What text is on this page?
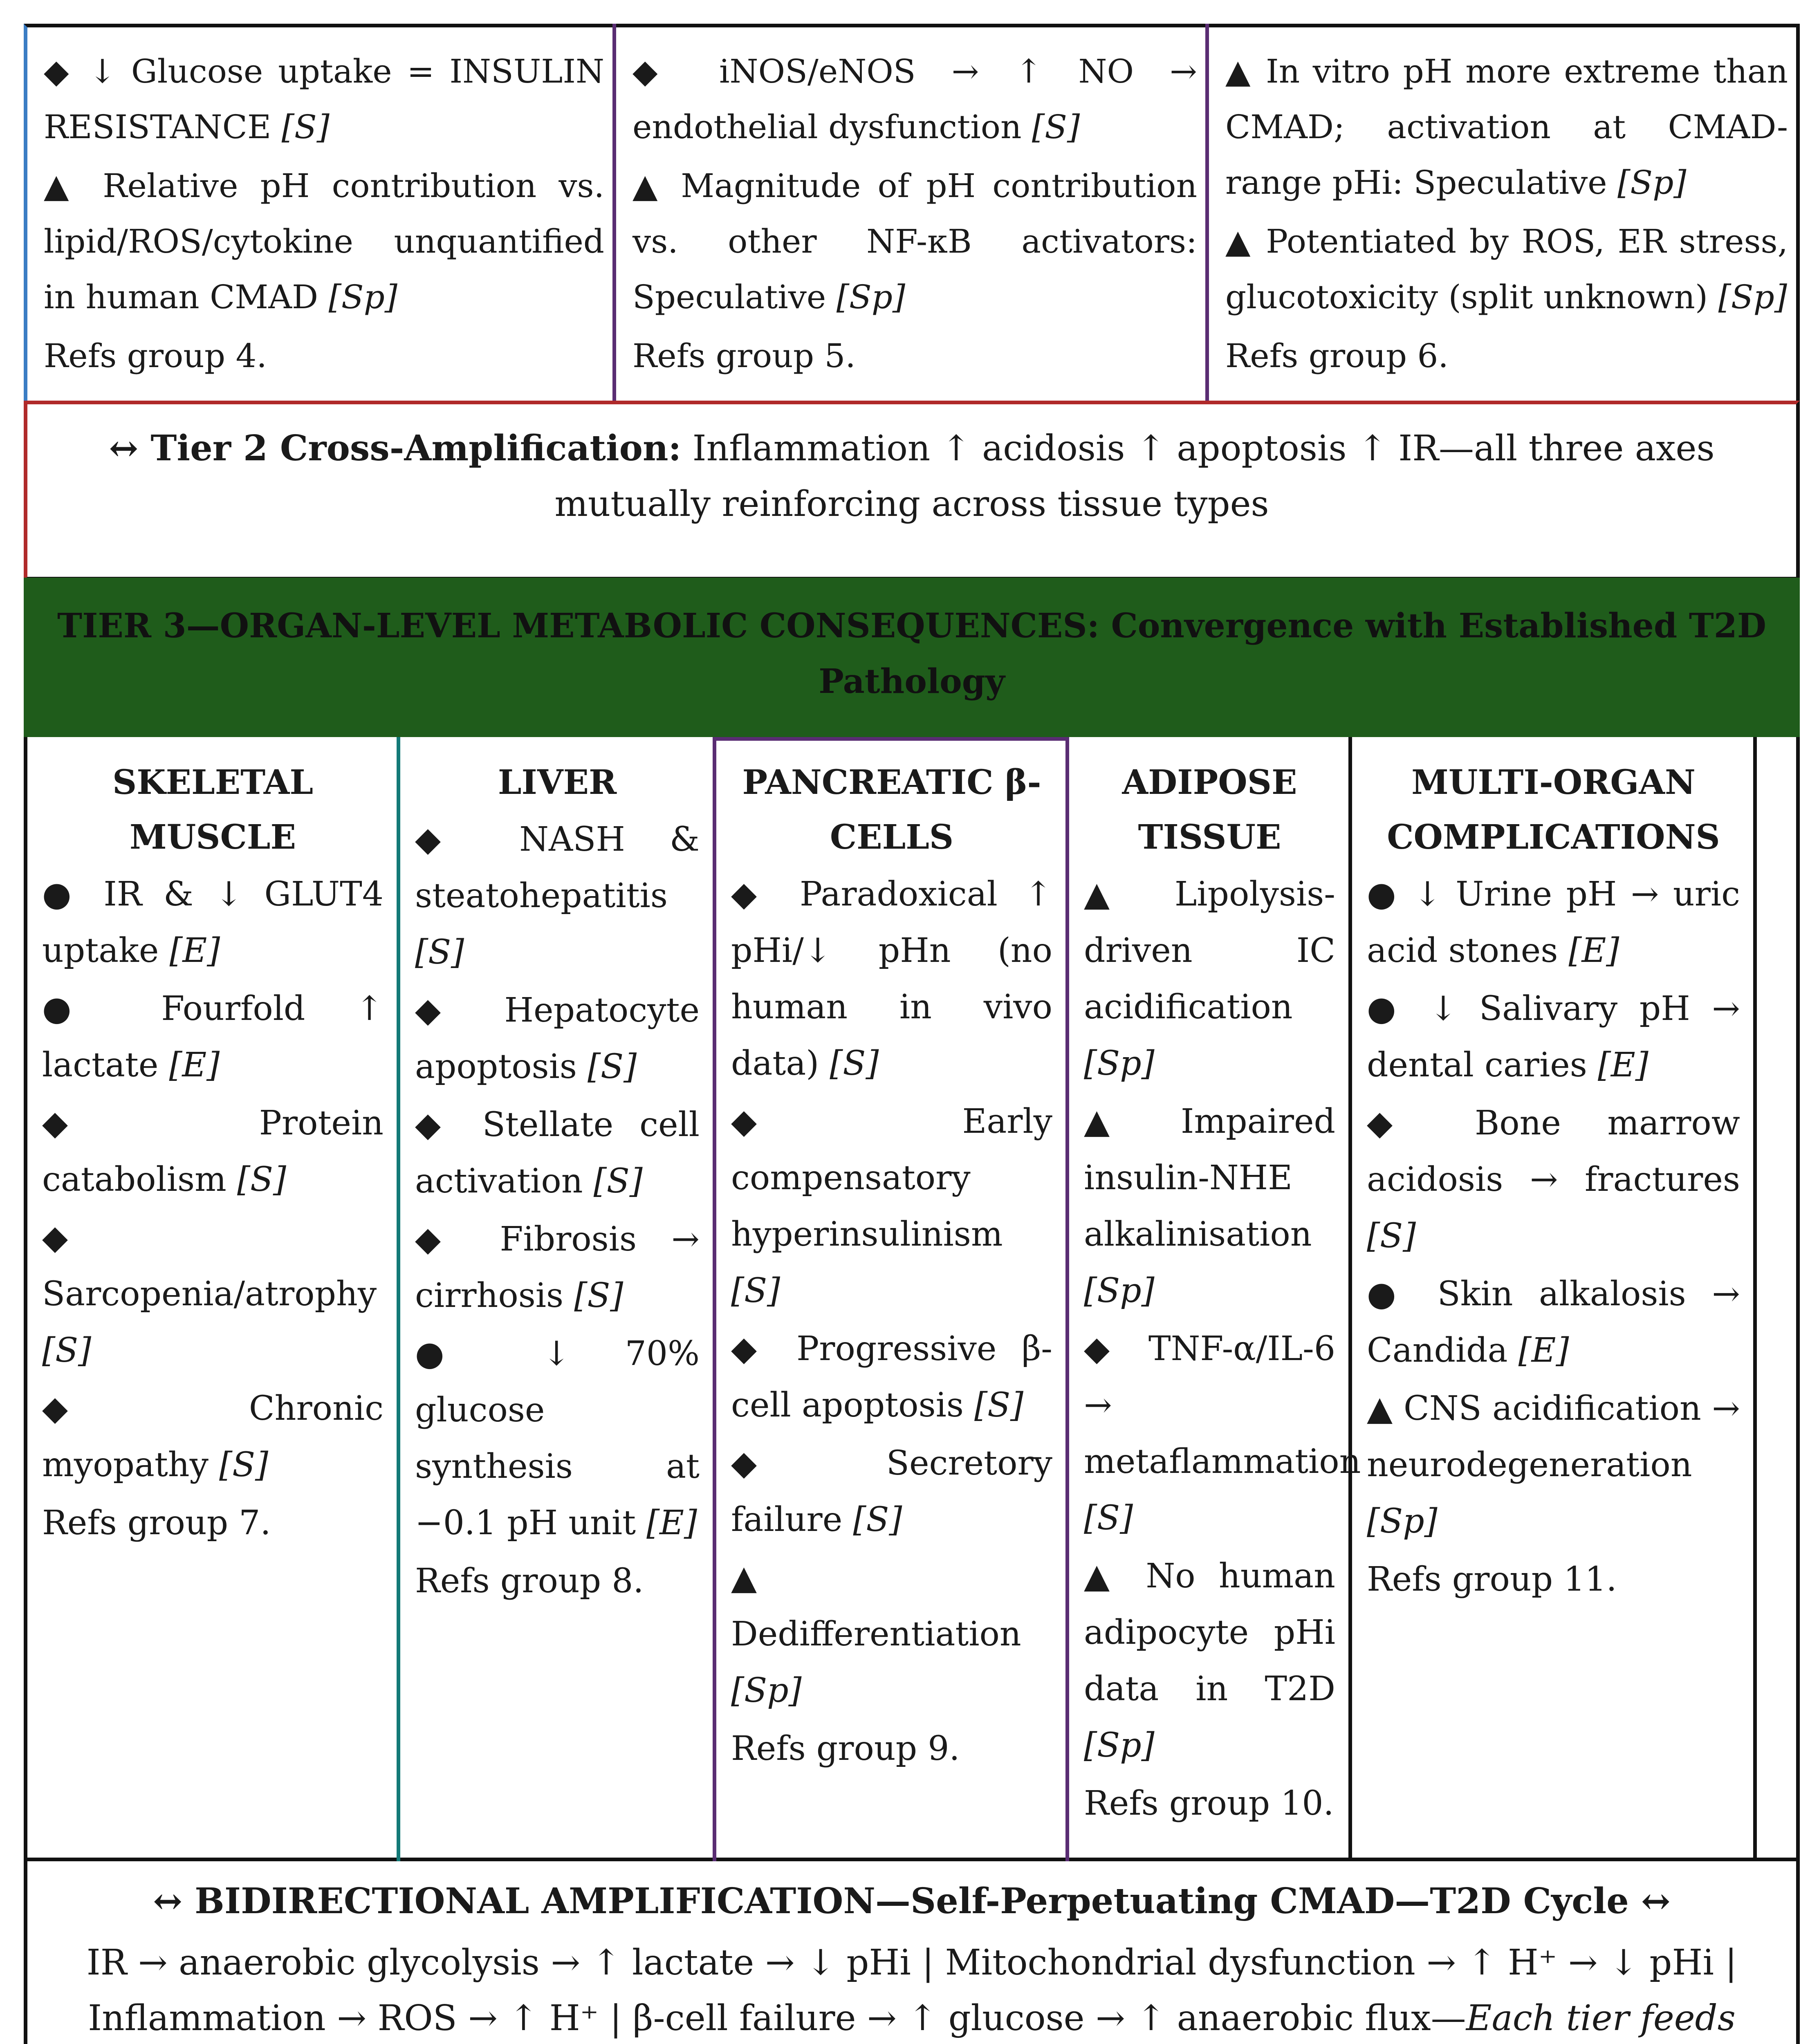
◆ ↓ Glucose uptake = INSULIN RESISTANCE [S]

▲ Relative pH contribution vs. lipid/ROS/cytokine unquantified in human CMAD [Sp]

Refs group 4.

◆ iNOS/eNOS → ↑ NO → endothelial dysfunction [S]

▲ Magnitude of pH contribution vs. other NF-κB activators: Speculative [Sp]

Refs group 5.

▲ In vitro pH more extreme than CMAD; activation at CMAD-range pHi: Speculative [Sp]

▲ Potentiated by ROS, ER stress, glucotoxicity (split unknown) [Sp]

Refs group 6.

↔ Tier 2 Cross-Amplification: Inflammation ↑ acidosis ↑ apoptosis ↑ IR—all three axes mutually reinforcing across tissue types
TIER 3—ORGAN-LEVEL METABOLIC CONSEQUENCES: Convergence with Established T2D Pathology

SKELETAL MUSCLE

● IR & ↓ GLUT4 uptake [E]

● Fourfold ↑ lactate [E]

◆ Protein catabolism [S]

◆ Sarcopenia/atrophy [S]

◆ Chronic myopathy [S]

Refs group 7.

LIVER

◆ NASH & steatohepatitis [S]

◆ Hepatocyte apoptosis [S]

◆ Stellate cell activation [S]

◆ Fibrosis → cirrhosis [S]

● ↓ 70% glucose synthesis at −0.1 pH unit [E]

Refs group 8.

PANCREATIC β-CELLS

◆ Paradoxical ↑ pHi/↓ pHn (no human in vivo data) [S]

◆ Early compensatory hyperinsulinism [S]

◆ Progressive β-cell apoptosis [S]

◆ Secretory failure [S]

▲ Dedifferentiation [Sp]

Refs group 9.

ADIPOSE TISSUE

▲ Lipolysis-driven IC acidification [Sp]

▲ Impaired insulin-NHE alkalinisation [Sp]

◆ TNF-α/IL-6 → metaflammation [S]

▲ No human adipocyte pHi data in T2D [Sp]

Refs group 10.

MULTI-ORGAN COMPLICATIONS

● ↓ Urine pH → uric acid stones [E]

● ↓ Salivary pH → dental caries [E]

◆ Bone marrow acidosis → fractures [S]

● Skin alkalosis → Candida [E]

▲ CNS acidification → neurodegeneration [Sp]

Refs group 11.

↔ BIDIRECTIONAL AMPLIFICATION—Self-Perpetuating CMAD—T2D Cycle ↔

IR → anaerobic glycolysis → ↑ lactate → ↓ pHi | Mitochondrial dysfunction → ↑ H⁺ → ↓ pHi | Inflammation → ROS → ↑ H⁺ | β-cell failure → ↑ glucose → ↑ anaerobic flux—Each tier feeds
